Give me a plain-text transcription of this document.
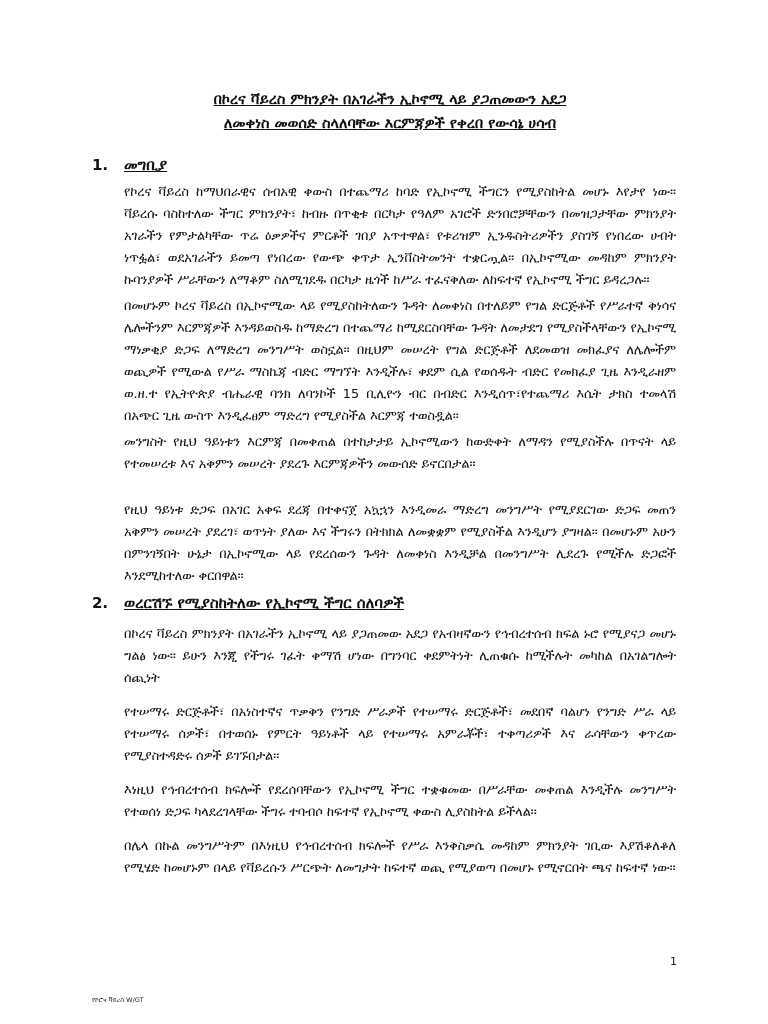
በኮረና ቫይረስ ምክንያት በአገራችን ኢኮኖሚ ላይ ያጋጠመውን አደጋ
ለመቀነስ መወሰድ ስላለባቸው እርምጃዎች የቀረበ የውሳኔ ሀሳብ
1. መግቢያ
የኮረና ቫይረስ ከማህበራዊና ሰብአዊ ቀውስ በተጨማሪ ከባድ የኢኮኖሚ ችግርን የሚያስከትል መሆኑ እየታየ ነው፡፡ ቫይረሱ ባስከተለው ችግር ምክንያት፣ ከብዙ በጥቂቱ በርካታ የዓለም አገሮች ድንበሮቻቸውን በመዝጋታቸው ምክንያት አገራችን የምታልካቸው ጥሬ ዕቃዎችና ምርቶች ገበያ አጥተዋል፣ የቱሪዝም ኢንዱስትሪዎችን ያስገኝ የነበረው ሀብት ነጥፏል፣ ወደአገራችን ይመጣ የነበረው የውጭ ቀጥታ ኢንቨስትመንት ተቋርጧል፡፡ በኢኮኖሚው መዳከም ምክንያት ኩባንያዎች ሥራቸውን ለማቆም ስለሚገደዱ በርካታ ዜጎች ከሥራ ተፈናቅለው ለከፍተኛ የኢኮኖሚ ችግር ይዳረጋሉ፡፡
በመሆኑም ኮረና ቫይረስ በኢኮኖሚው ላይ የሚያስከትለውን ጉዳት ለመቀነስ በተለይም የግል ድርጅቶች የሥራተኛ ቅነሳና ሌሎችንም እርምጃዎች እንዳይወስዱ ከማድረግ በተጨማሪ ከሚደርስባቸው ጉዳት ለመታደግ የሚያስችላቸውን የኢኮኖሚ ማነቃቂያ ድጋፍ ለማድረግ መንግሥት ወስኗል፡፡ በዚህም መሠረት የግል ድርጅቶች ለደመወዝ መክፈያና ለሌሎችም ወጪዎች የሚውል የሥራ ማስኬጃ ብድር ማግኘት እንዲችሉ፣ ቀደም ሲል የወሰዱት ብድር የመክፈያ ጊዜ እንዲራዘም ወ.ዘ.ተ የኢትዮጵያ ብሔራዊ ባንክ ለባንኮች 15 ቢሊዮን ብር በብድር እንዲሰጥ፣የተጨማሪ እሴት ታክስ ተመላሽ በአጭር ጊዜ ውስጥ እንዲፈፀም ማድረግ የሚያስችል እርምጃ ተወስዷል፡፡
መንግስት የዚህ ዓይነቱን እርምጃ በመቀጠል በተከታታይ ኢኮኖሚውን ከውድቀት ለማዳን የሚያስችሉ በጥናት ላይ የተመሠረቱ እና አቅምን መሠረት ያደረጉ እርምጃዎችን መውሰድ ይኖርበታል፡፡
የዚህ ዓይነቱ ድጋፍ በአገር አቀፍ ደረጃ በተቀናጀ አኳኋን እንዲመራ ማድረግ መንግሥት የሚያደርገው ድጋፍ መጠን አቅምን መሠረት ያደረገ፣ ወጥነት ያለው እና ችግሩን በትክክል ለመቋቋም የሚያስችል እንዲሆን ያግዛል፡፡ በመሆኑም አሁን በምንገኝበት ሁኔታ በኢኮኖሚው ላይ የደረሰውን ጉዳት ለመቀነስ እንዲቻል በመንግሥት ሊደረጉ የሚችሉ ድጋፎች እንደሚከተለው ቀርበዋል፡፡
2. ወረርሽኙ የሚያስከትለው የኢኮኖሚ ችግር ሰለባዎች
በኮረና ቫይረስ ምክንያት በአገራችን ኢኮኖሚ ላይ ያጋጠመው አደጋ የአብዛኛውን የኅብረተሰብ ክፍል ኑሮ የሚያናጋ መሆኑ ግልፅ ነው፡፡ ይሁን እንጂ የችግሩ ገፈት ቀማሽ ሆነው በግንባር ቀደምትነት ሊጠቁሱ ከሚችሉት መካከል በአገልግሎት ሰጪነት
የተሠማሩ ድርጅቶች፣ በአነስተኛና ጥቃቅን የንግድ ሥራዎች የተሠማሩ ድርጅቶች፣ መደበኛ ባልሆነ የንግድ ሥራ ላይ የተሠማሩ ሰዎች፣ በተወሰኑ የምርት ዓይነቶች ላይ የተሠማሩ አምራቾች፣ ተቀጣሪዎች እና ራሳቸውን ቀጥረው የሚያስተዳድሩ ሰዎች ይገኙበታል፡፡
እነዚህ የኅብረተሰብ ክፍሎች የደረሰባቸውን የኢኮኖሚ ችግር ተቋቁመው በሥራቸው መቀጠል እንዲችሉ መንግሥት የተወሰነ ድጋፍ ካላደረገላቸው ችግሩ ተባብሶ ከፍተኛ የኢኮኖሚ ቀውስ ሊያስከትል ይችላል፡፡
በሌላ በኩል መንግሥትም በእነዚህ የኅብረተሰብ ክፍሎች የሥራ እንቅስቃሴ መዳከም ምክንያት ገቢው እያሽቆለቆለ የሚሄድ ከመሆኑም በላይ የቫይረሱን ሥርጭት ለመግታት ከፍተኛ ወጪ የሚያወጣ በመሆኑ የሚኖርበት ጫና ከፍተኛ ነው፡፡
1
የኮሮና ቫይረስ W/GT
